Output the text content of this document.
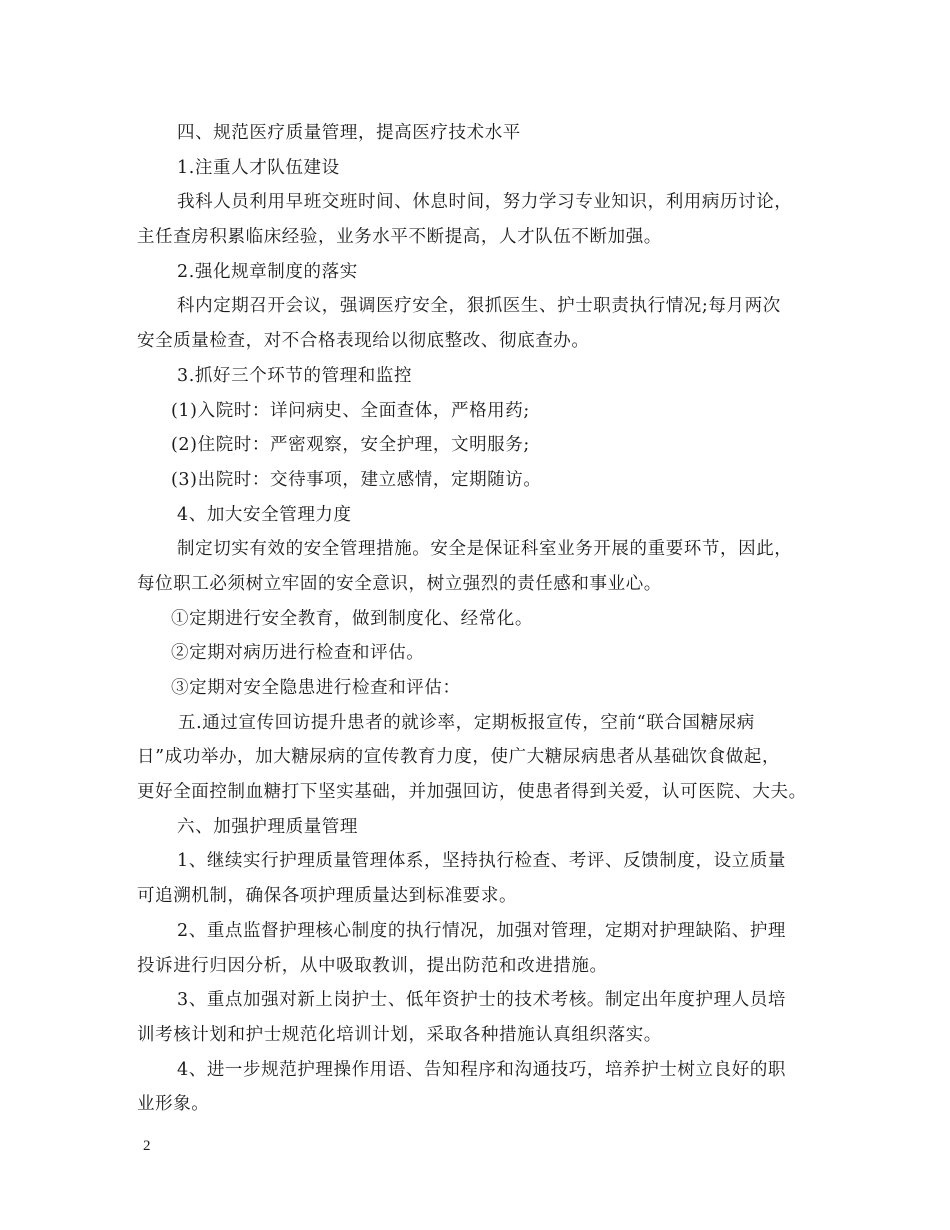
四、规范医疗质量管理，提高医疗技术水平
1.注重人才队伍建设
我科人员利用早班交班时间、休息时间，努力学习专业知识，利用病历讨论，
主任查房积累临床经验，业务水平不断提高，人才队伍不断加强。
2.强化规章制度的落实
科内定期召开会议，强调医疗安全，狠抓医生、护士职责执行情况;每月两次
安全质量检查，对不合格表现给以彻底整改、彻底查办。
3.抓好三个环节的管理和监控
(1)入院时：详问病史、全面查体，严格用药;
(2)住院时：严密观察，安全护理，文明服务;
(3)出院时：交待事项，建立感情，定期随访。
4、加大安全管理力度
制定切实有效的安全管理措施。安全是保证科室业务开展的重要环节，因此，
每位职工必须树立牢固的安全意识，树立强烈的责任感和事业心。
①定期进行安全教育，做到制度化、经常化。
②定期对病历进行检查和评估。
③定期对安全隐患进行检查和评估：
五.通过宣传回访提升患者的就诊率，定期板报宣传，空前“联合国糖尿病
日”成功举办，加大糖尿病的宣传教育力度，使广大糖尿病患者从基础饮食做起，
更好全面控制血糖打下坚实基础，并加强回访，使患者得到关爱，认可医院、大夫。
六、加强护理质量管理
1、继续实行护理质量管理体系，坚持执行检查、考评、反馈制度，设立质量
可追溯机制，确保各项护理质量达到标准要求。
2、重点监督护理核心制度的执行情况，加强对管理，定期对护理缺陷、护理
投诉进行归因分析，从中吸取教训，提出防范和改进措施。
3、重点加强对新上岗护士、低年资护士的技术考核。制定出年度护理人员培
训考核计划和护士规范化培训计划，采取各种措施认真组织落实。
4、进一步规范护理操作用语、告知程序和沟通技巧，培养护士树立良好的职
业形象。
2
